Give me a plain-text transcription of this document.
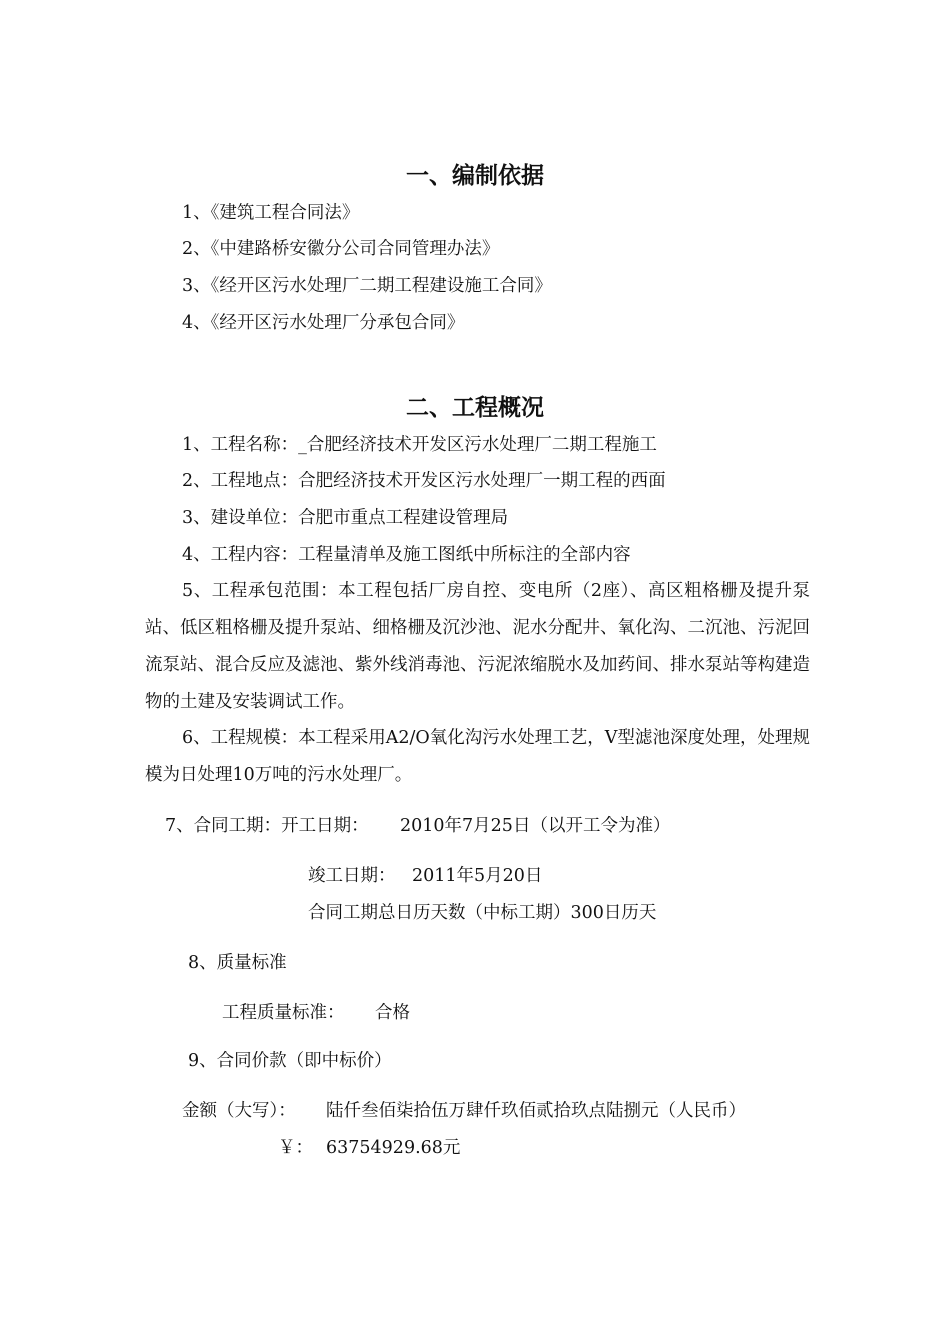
一、编制依据
1、《建筑工程合同法》
2、《中建路桥安徽分公司合同管理办法》
3、《经开区污水处理厂二期工程建设施工合同》
4、《经开区污水处理厂分承包合同》
二、工程概况
1、工程名称：_合肥经济技术开发区污水处理厂二期工程施工
2、工程地点：合肥经济技术开发区污水处理厂一期工程的西面
3、建设单位：合肥市重点工程建设管理局
4、工程内容：工程量清单及施工图纸中所标注的全部内容
5、工程承包范围：本工程包括厂房自控、变电所（2座）、高区粗格栅及提升泵站、低区粗格栅及提升泵站、细格栅及沉沙池、泥水分配井、氧化沟、二沉池、污泥回流泵站、混合反应及滤池、紫外线消毒池、污泥浓缩脱水及加药间、排水泵站等构建造物的土建及安装调试工作。
6、工程规模：本工程采用A2/O氧化沟污水处理工艺，V型滤池深度处理，处理规模为日处理10万吨的污水处理厂。
7、合同工期：开工日期： 2010年7月25日（以开工令为准）
竣工日期： 2011年5月20日
合同工期总日历天数（中标工期）300日历天
8、质量标准
工程质量标准： 合格
9、合同价款（即中标价）
金额（大写）： 陆仟叁佰柒拾伍万肆仟玖佰贰拾玖点陆捌元（人民币）
￥： 63754929.68元
